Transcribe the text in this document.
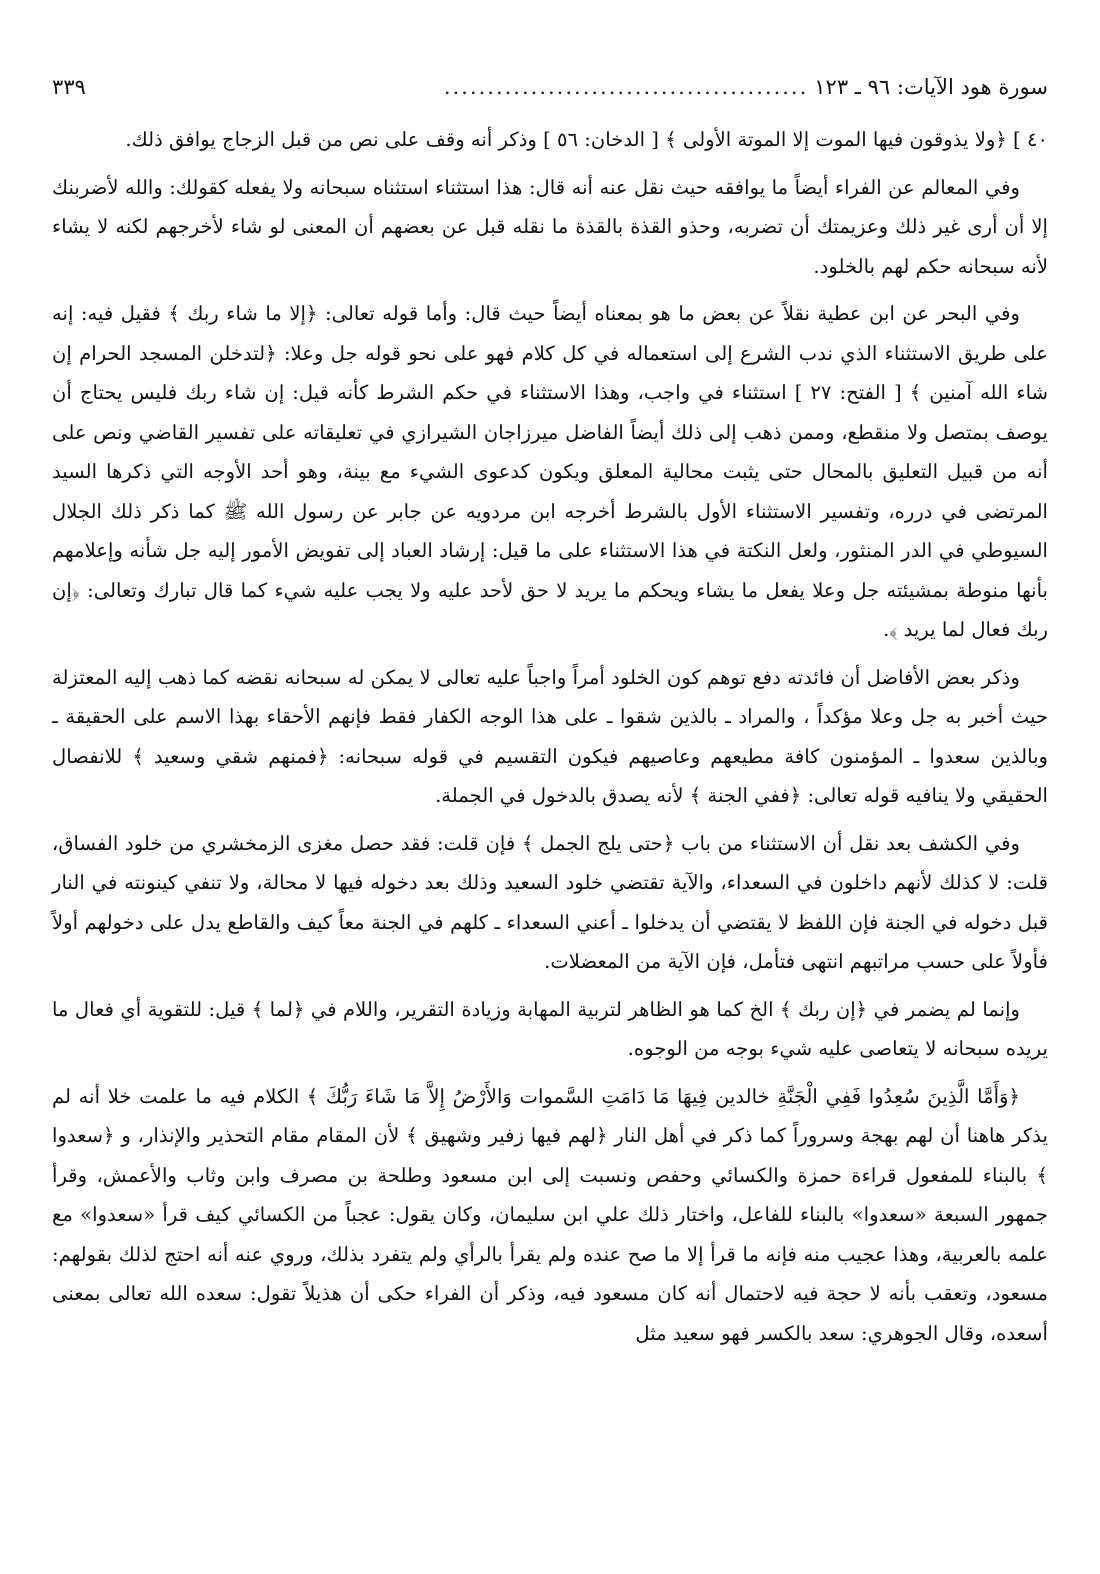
سورة هود الآيات: ٩٦ ـ ١٢٣
..........................................
٣٣٩

٤٠ ] ﴿ولا يذوقون فيها الموت إلا الموتة الأولى ﴾ [ الدخان: ٥٦ ] وذكر أنه وقف على نص من قبل الزجاج يوافق ذلك.

وفي المعالم عن الفراء أيضاً ما يوافقه حيث نقل عنه أنه قال: هذا استثناء استثناه سبحانه ولا يفعله كقولك: والله لأضربنك إلا أن أرى غير ذلك وعزيمتك أن تضربه، وحذو القذة بالقذة ما نقله قبل عن بعضهم أن المعنى لو شاء لأخرجهم لكنه لا يشاء لأنه سبحانه حكم لهم بالخلود.

وفي البحر عن ابن عطية نقلاً عن بعض ما هو بمعناه أيضاً حيث قال: وأما قوله تعالى: ﴿إلا ما شاء ربك ﴾ فقيل فيه: إنه على طريق الاستثناء الذي ندب الشرع إلى استعماله في كل كلام فهو على نحو قوله جل وعلا: ﴿لتدخلن المسجد الحرام إن شاء الله آمنين ﴾ [ الفتح: ٢٧ ] استثناء في واجب، وهذا الاستثناء في حكم الشرط كأنه قيل: إن شاء ربك فليس يحتاج أن يوصف بمتصل ولا منقطع، وممن ذهب إلى ذلك أيضاً الفاضل ميرزاجان الشيرازي في تعليقاته على تفسير القاضي ونص على أنه من قبيل التعليق بالمحال حتى يثبت محالية المعلق ويكون كدعوى الشيء مع بينة، وهو أحد الأوجه التي ذكرها السيد المرتضى في درره، وتفسير الاستثناء الأول بالشرط أخرجه ابن مردويه عن جابر عن رسول الله ﷺ كما ذكر ذلك الجلال السيوطي في الدر المنثور، ولعل النكتة في هذا الاستثناء على ما قيل: إرشاد العباد إلى تفويض الأمور إليه جل شأنه وإعلامهم بأنها منوطة بمشيئته جل وعلا يفعل ما يشاء ويحكم ما يريد لا حق لأحد عليه ولا يجب عليه شيء كما قال تبارك وتعالى: ﴿إن ربك فعال لما يريد ﴾.

وذكر بعض الأفاضل أن فائدته دفع توهم كون الخلود أمراً واجباً عليه تعالى لا يمكن له سبحانه نقضه كما ذهب إليه المعتزلة حيث أخبر به جل وعلا مؤكداً ، والمراد ـ بالذين شقوا ـ على هذا الوجه الكفار فقط فإنهم الأحقاء بهذا الاسم على الحقيقة ـ وبالذين سعدوا ـ المؤمنون كافة مطيعهم وعاصيهم فيكون التقسيم في قوله سبحانه: ﴿فمنهم شقي وسعيد ﴾ للانفصال الحقيقي ولا ينافيه قوله تعالى: ﴿ففي الجنة ﴾ لأنه يصدق بالدخول في الجملة.

وفي الكشف بعد نقل أن الاستثناء من باب ﴿حتى يلج الجمل ﴾ فإن قلت: فقد حصل مغزى الزمخشري من خلود الفساق، قلت: لا كذلك لأنهم داخلون في السعداء، والآية تقتضي خلود السعيد وذلك بعد دخوله فيها لا محالة، ولا تنفي كينونته في النار قبل دخوله في الجنة فإن اللفظ لا يقتضي أن يدخلوا ـ أعني السعداء ـ كلهم في الجنة معاً كيف والقاطع يدل على دخولهم أولاً فأولاً على حسب مراتبهم انتهى فتأمل، فإن الآية من المعضلات.

وإنما لم يضمر في ﴿إن ربك ﴾ الخ كما هو الظاهر لتربية المهابة وزيادة التقرير، واللام في ﴿لما ﴾ قيل: للتقوية أي فعال ما يريده سبحانه لا يتعاصى عليه شيء بوجه من الوجوه.

﴿وَأَمَّا الَّذِينَ سُعِدُوا فَفِي الْجَنَّةِ خالدين فِيهَا مَا دَامَتِ السَّموات وَالأَرْضُ إِلاَّ مَا شَاءَ رَبُّكَ ﴾ الكلام فيه ما علمت خلا أنه لم يذكر هاهنا أن لهم بهجة وسروراً كما ذكر في أهل النار ﴿لهم فيها زفير وشهيق ﴾ لأن المقام مقام التحذير والإنذار، و ﴿سعدوا ﴾ بالبناء للمفعول قراءة حمزة والكسائي وحفص ونسبت إلى ابن مسعود وطلحة بن مصرف وابن وثاب والأعمش، وقرأ جمهور السبعة «سعدوا» بالبناء للفاعل، واختار ذلك علي ابن سليمان، وكان يقول: عجباً من الكسائي كيف قرأ «سعدوا» مع علمه بالعربية، وهذا عجيب منه فإنه ما قرأ إلا ما صح عنده ولم يقرأ بالرأي ولم يتفرد بذلك، وروي عنه أنه احتج لذلك بقولهم: مسعود، وتعقب بأنه لا حجة فيه لاحتمال أنه كان مسعود فيه، وذكر أن الفراء حكى أن هذيلاً تقول: سعده الله تعالى بمعنى أسعده، وقال الجوهري: سعد بالكسر فهو سعيد مثل
